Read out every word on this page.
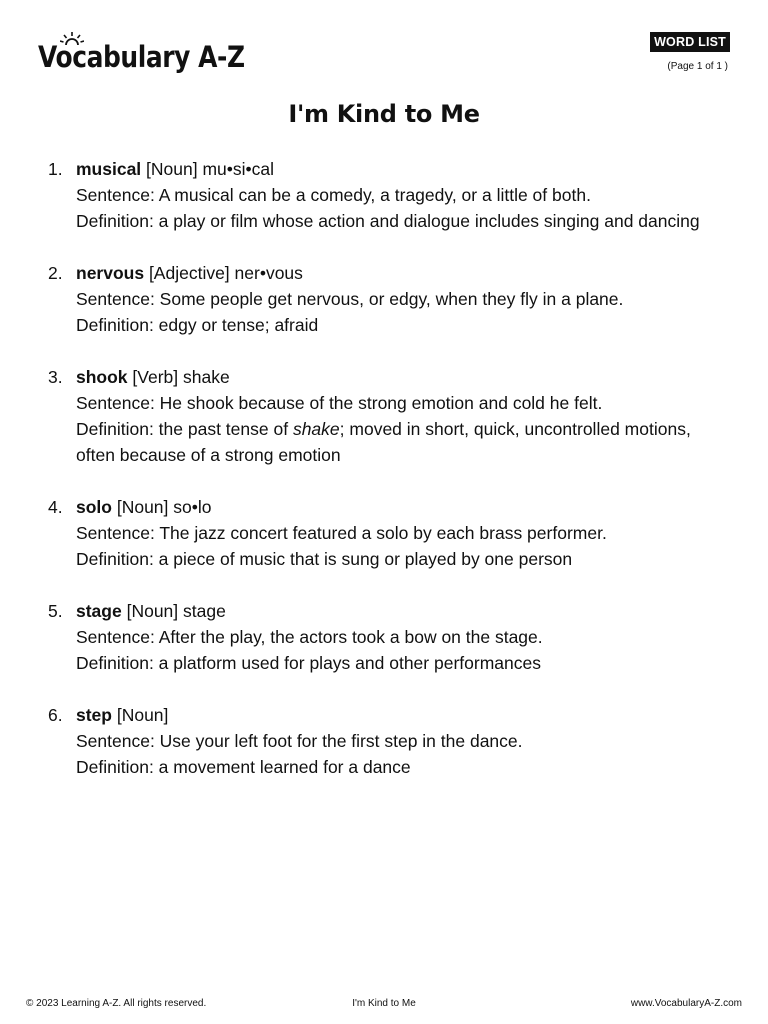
Vocabulary A-Z	WORD LIST
(Page 1 of 1 )
I'm Kind to Me
1. musical [Noun] mu•si•cal
Sentence: A musical can be a comedy, a tragedy, or a little of both.
Definition: a play or film whose action and dialogue includes singing and dancing
2. nervous [Adjective] ner•vous
Sentence: Some people get nervous, or edgy, when they fly in a plane.
Definition: edgy or tense; afraid
3. shook [Verb] shake
Sentence: He shook because of the strong emotion and cold he felt.
Definition: the past tense of shake; moved in short, quick, uncontrolled motions, often because of a strong emotion
4. solo [Noun] so•lo
Sentence: The jazz concert featured a solo by each brass performer.
Definition: a piece of music that is sung or played by one person
5. stage [Noun] stage
Sentence: After the play, the actors took a bow on the stage.
Definition: a platform used for plays and other performances
6. step [Noun]
Sentence: Use your left foot for the first step in the dance.
Definition: a movement learned for a dance
© 2023 Learning A-Z. All rights reserved.	I'm Kind to Me	www.VocabularyA-Z.com
